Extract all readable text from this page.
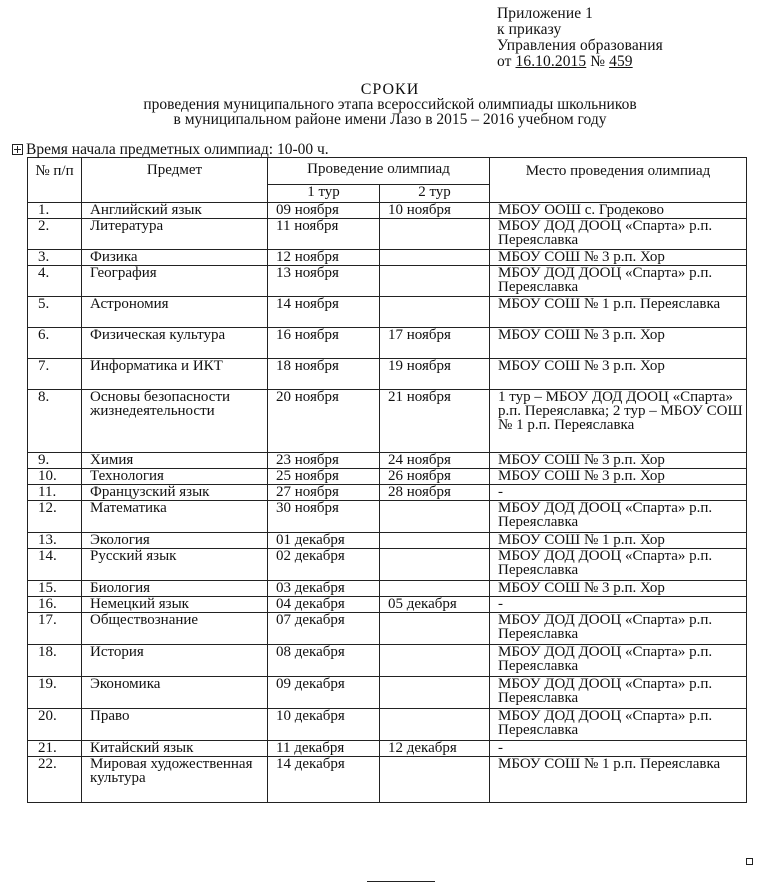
Приложение 1
к приказу
Управления образования
от 16.10.2015 № 459
СРОКИ
проведения муниципального этапа всероссийской олимпиады школьников
в муниципальном районе имени Лазо в 2015 – 2016 учебном году
Время начала предметных олимпиад: 10-00 ч.
№ п/п	Предмет	Проведение олимпиад		Место проведения олимпиад
		1 тур	2 тур	
1.	Английский язык	09 ноября	10 ноября	МБОУ ООШ с. Гродеково
2.	Литература	11 ноября		МБОУ ДОД ДООЦ «Спарта» р.п. Переяславка
3.	Физика	12 ноября		МБОУ СОШ № 3 р.п. Хор
4.	География	13 ноября		МБОУ ДОД ДООЦ «Спарта» р.п. Переяславка
5.	Астрономия	14 ноября		МБОУ СОШ № 1 р.п. Переяславка
6.	Физическая культура	16 ноября	17 ноября	МБОУ СОШ № 3 р.п. Хор
7.	Информатика и ИКТ	18 ноября	19 ноября	МБОУ СОШ № 3 р.п. Хор
8.	Основы безопасности жизнедеятельности	20 ноября	21 ноября	1 тур – МБОУ ДОД ДООЦ «Спарта» р.п. Переяславка; 2 тур – МБОУ СОШ № 1 р.п. Переяславка
9.	Химия	23 ноября	24 ноября	МБОУ СОШ № 3 р.п. Хор
10.	Технология	25 ноября	26 ноября	МБОУ СОШ № 3 р.п. Хор
11.	Французский язык	27 ноября	28 ноября	-
12.	Математика	30 ноября		МБОУ ДОД ДООЦ «Спарта» р.п. Переяславка
13.	Экология	01 декабря		МБОУ СОШ № 1 р.п. Хор
14.	Русский язык	02 декабря		МБОУ ДОД ДООЦ «Спарта» р.п. Переяславка
15.	Биология	03 декабря		МБОУ СОШ № 3 р.п. Хор
16.	Немецкий язык	04 декабря	05 декабря	-
17.	Обществознание	07 декабря		МБОУ ДОД ДООЦ «Спарта» р.п. Переяславка
18.	История	08 декабря		МБОУ ДОД ДООЦ «Спарта» р.п. Переяславка
19.	Экономика	09 декабря		МБОУ ДОД ДООЦ «Спарта» р.п. Переяславка
20.	Право	10 декабря		МБОУ ДОД ДООЦ «Спарта» р.п. Переяславка
21.	Китайский язык	11 декабря	12 декабря	-
22.	Мировая художественная культура	14 декабря		МБОУ СОШ № 1 р.п. Переяславка
